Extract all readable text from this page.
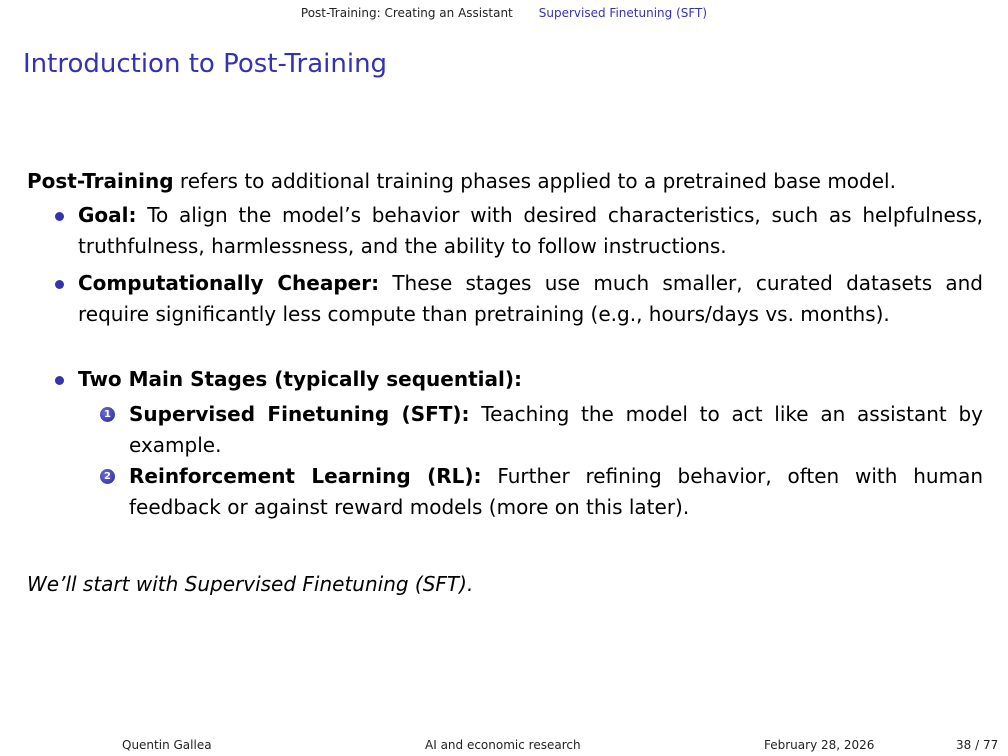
Post-Training: Creating an Assistant Supervised Finetuning (SFT)
Introduction to Post-Training

Post-Training refers to additional training phases applied to a pretrained base model.

Goal: To align the model’s behavior with desired characteristics, such as helpfulness, truthfulness, harmlessness, and the ability to follow instructions.
Computationally Cheaper: These stages use much smaller, curated datasets and require significantly less compute than pretraining (e.g., hours/days vs. months).
Two Main Stages (typically sequential):
1 Supervised Finetuning (SFT): Teaching the model to act like an assistant by example.
2 Reinforcement Learning (RL): Further refining behavior, often with human feedback or against reward models (more on this later).
We’ll start with Supervised Finetuning (SFT).
Quentin Gallea	AI and economic research	February 28, 2026	38 / 77
